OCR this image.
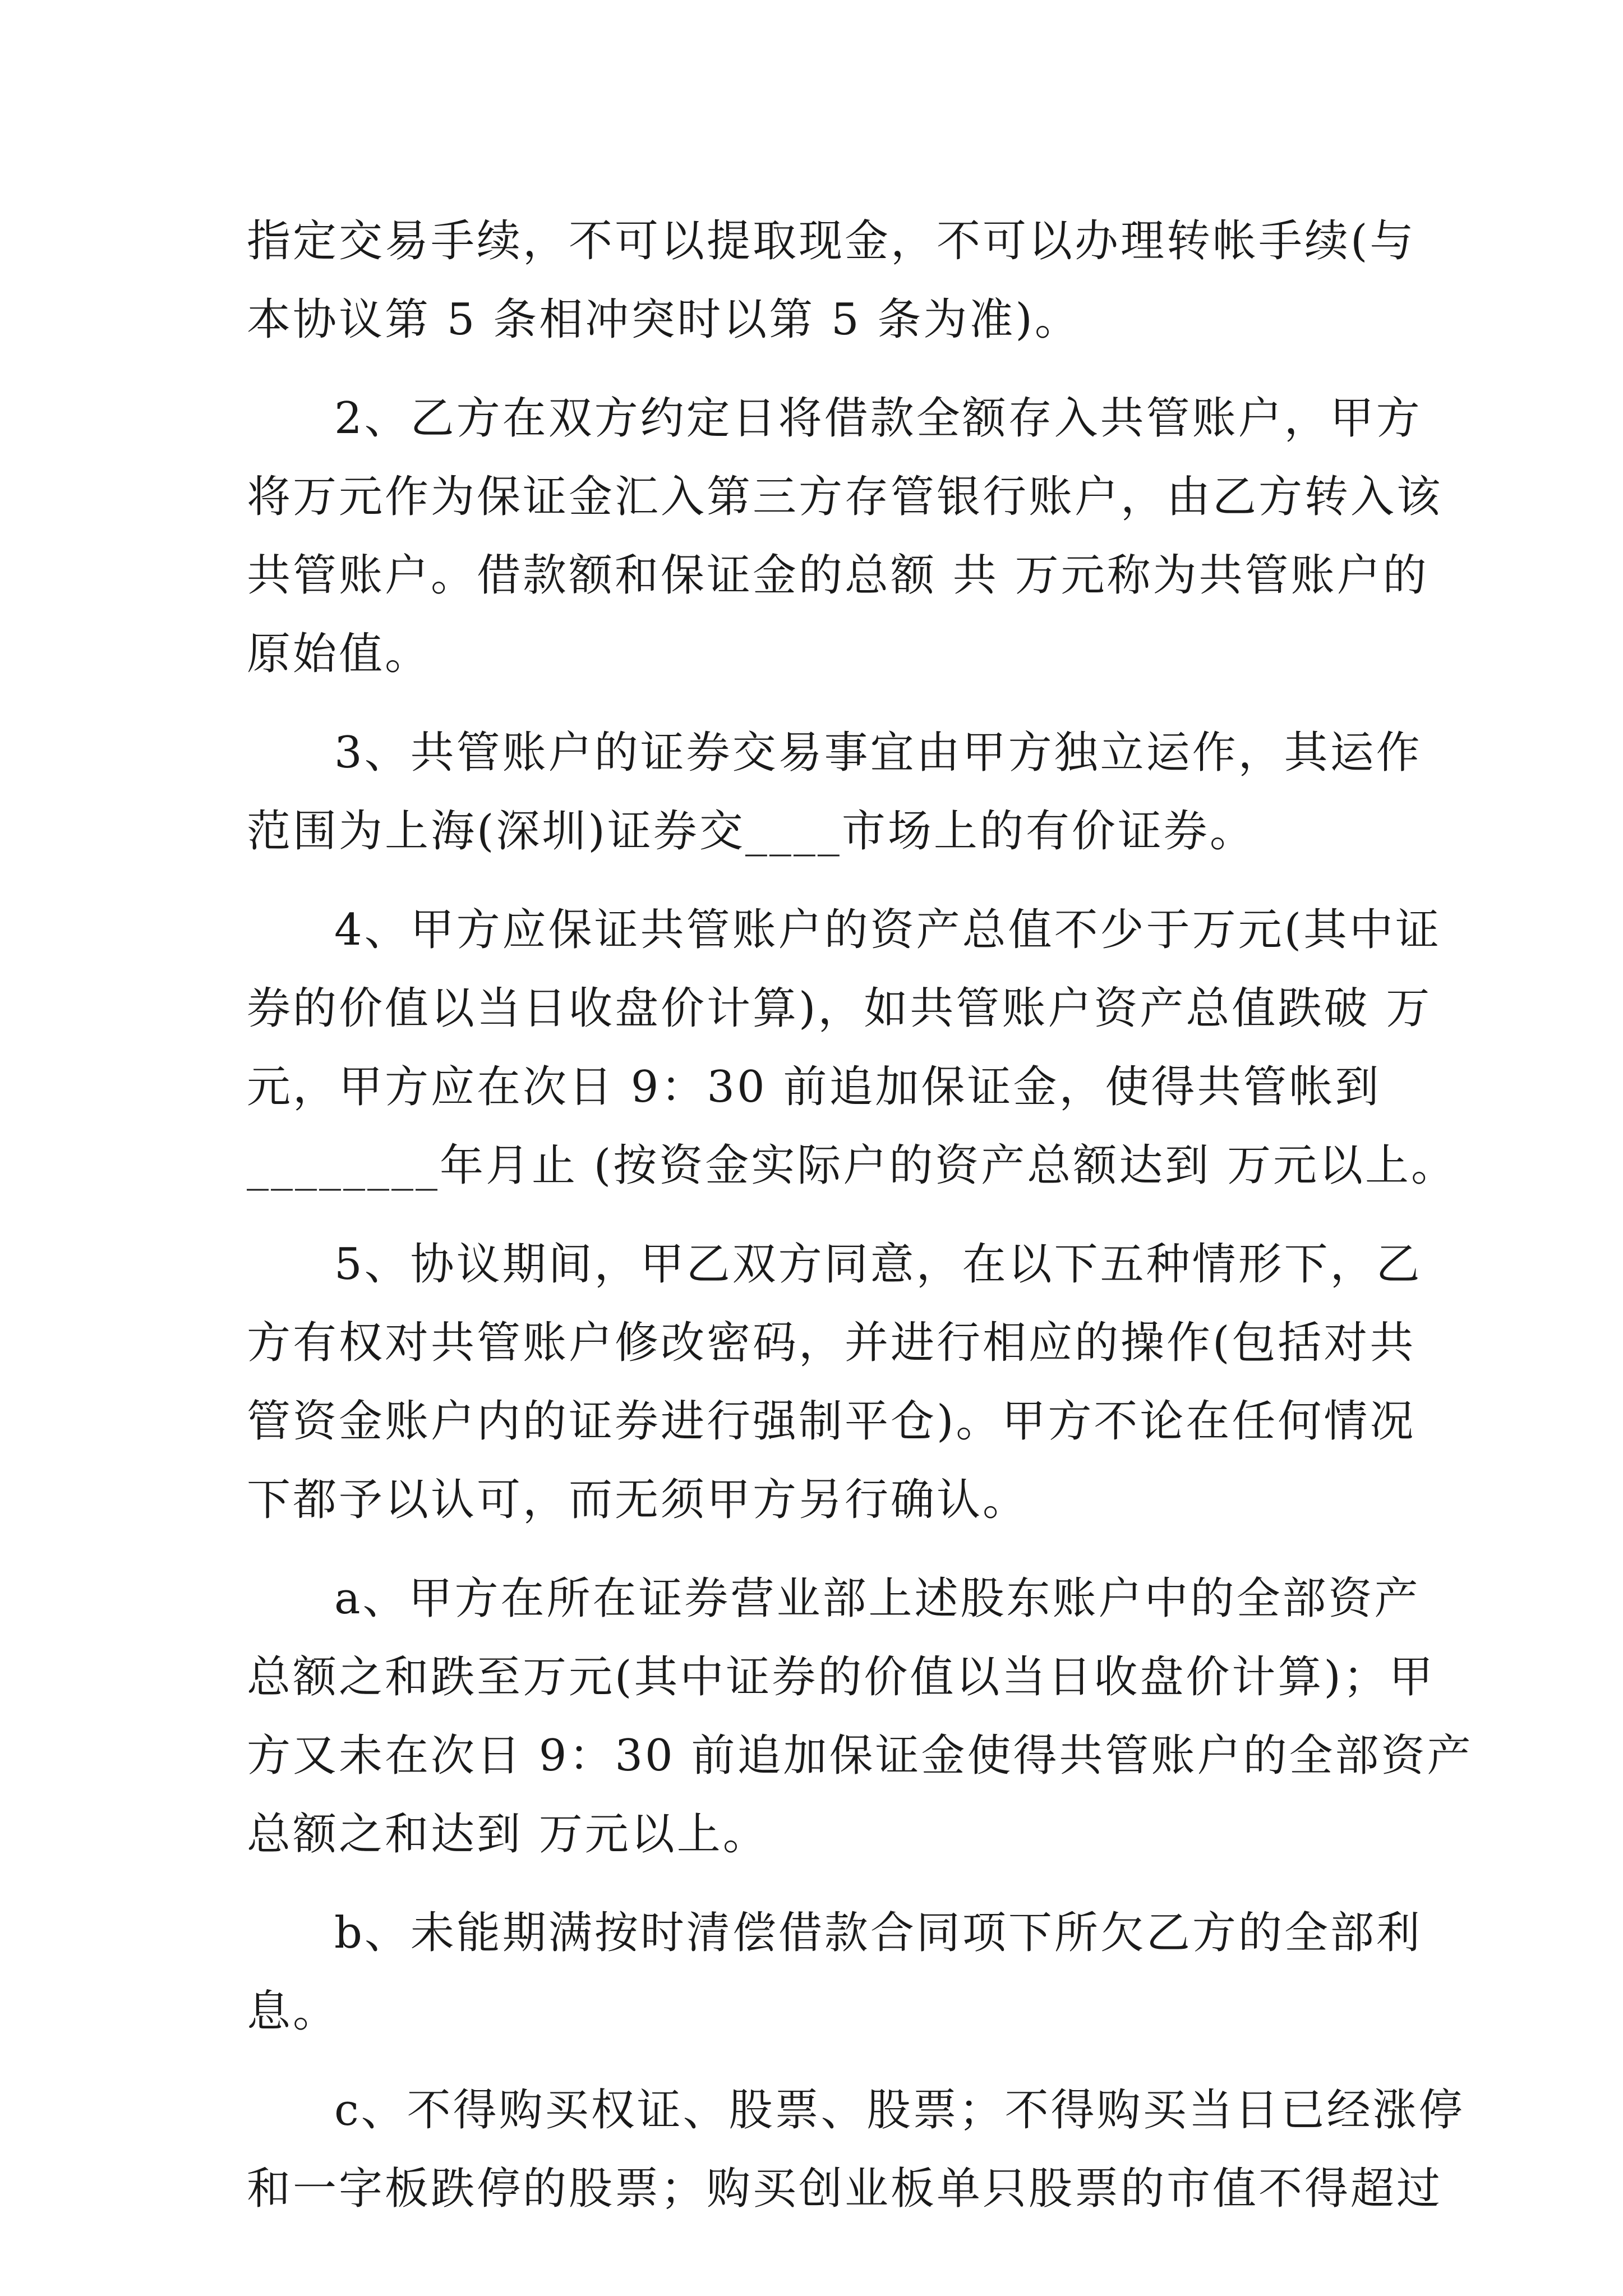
指定交易手续，不可以提取现金，不可以办理转帐手续(与
本协议第 5 条相冲突时以第 5 条为准)。
2、乙方在双方约定日将借款全额存入共管账户，甲方
将万元作为保证金汇入第三方存管银行账户，由乙方转入该
共管账户。借款额和保证金的总额 共 万元称为共管账户的
原始值。
3、共管账户的证券交易事宜由甲方独立运作，其运作
范围为上海(深圳)证券交____市场上的有价证券。
4、甲方应保证共管账户的资产总值不少于万元(其中证
券的价值以当日收盘价计算)，如共管账户资产总值跌破 万
元，甲方应在次日 9：30 前追加保证金，使得共管帐到
________年月止 (按资金实际户的资产总额达到 万元以上。
5、协议期间，甲乙双方同意，在以下五种情形下，乙
方有权对共管账户修改密码，并进行相应的操作(包括对共
管资金账户内的证券进行强制平仓)。甲方不论在任何情况
下都予以认可，而无须甲方另行确认。
a、甲方在所在证券营业部上述股东账户中的全部资产
总额之和跌至万元(其中证券的价值以当日收盘价计算)；甲
方又未在次日 9：30 前追加保证金使得共管账户的全部资产
总额之和达到 万元以上。
b、未能期满按时清偿借款合同项下所欠乙方的全部利
息。
c、不得购买权证、股票、股票；不得购买当日已经涨停
和一字板跌停的股票；购买创业板单只股票的市值不得超过
